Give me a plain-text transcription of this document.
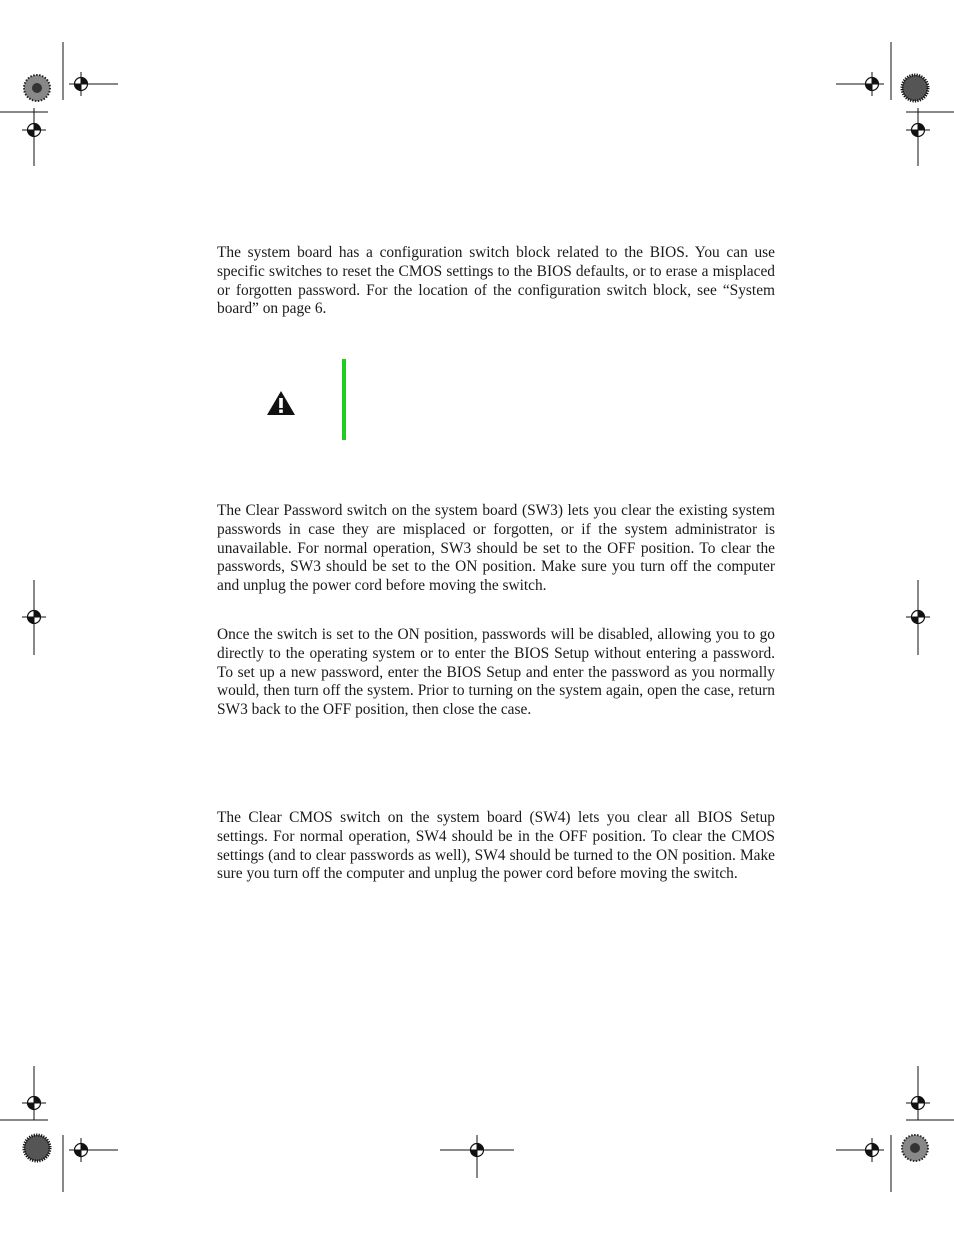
The system board has a configuration switch block related to the BIOS. You can use specific switches to reset the CMOS settings to the BIOS defaults, or to erase a misplaced or forgotten password. For the location of the configuration switch block, see “System board” on page 6.

The Clear Password switch on the system board (SW3) lets you clear the existing system passwords in case they are misplaced or forgotten, or if the system administrator is unavailable. For normal operation, SW3 should be set to the OFF position. To clear the passwords, SW3 should be set to the ON position. Make sure you turn off the computer and unplug the power cord before moving the switch.

Once the switch is set to the ON position, passwords will be disabled, allowing you to go directly to the operating system or to enter the BIOS Setup without entering a password. To set up a new password, enter the BIOS Setup and enter the password as you normally would, then turn off the system. Prior to turning on the system again, open the case, return SW3 back to the OFF position, then close the case.

The Clear CMOS switch on the system board (SW4) lets you clear all BIOS Setup settings. For normal operation, SW4 should be in the OFF position. To clear the CMOS settings (and to clear passwords as well), SW4 should be turned to the ON position. Make sure you turn off the computer and unplug the power cord before moving the switch.
